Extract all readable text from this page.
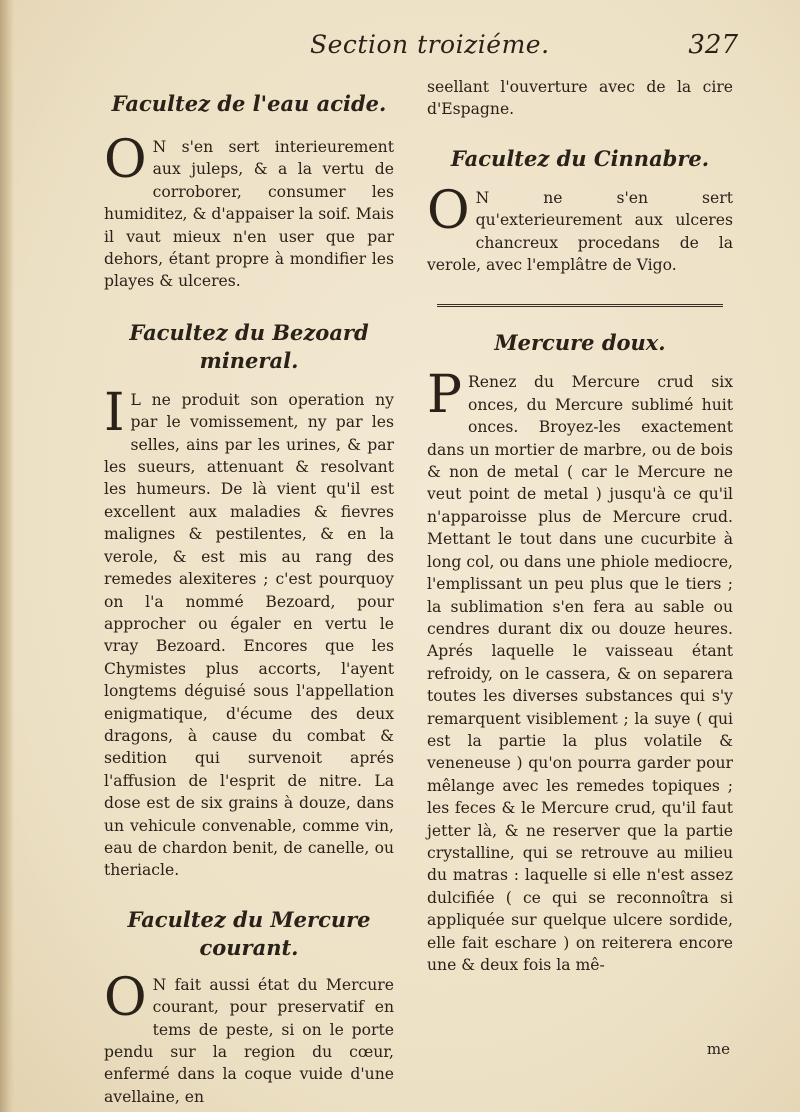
Section troiziéme.	327
Facultez de l'eau acide.

O N s'en sert interieurement aux juleps, & a la vertu de corroborer, consumer les humiditez, & d'appaiser la soif. Mais il vaut mieux n'en user que par dehors, étant propre à mondifier les playes & ulceres.

Facultez du Bezoard mineral.

I L ne produit son operation ny par le vomissement, ny par les selles, ains par les urines, & par les sueurs, attenuant & resolvant les humeurs. De là vient qu'il est excellent aux maladies & fievres malignes & pestilentes, & en la verole, & est mis au rang des remedes alexiteres ; c'est pourquoy on l'a nommé Bezoard, pour approcher ou égaler en vertu le vray Bezoard. Encores que les Chymistes plus accorts, l'ayent longtems déguisé sous l'appellation enigmatique, d'écume des deux dragons, à cause du combat & sedition qui survenoit aprés l'affusion de l'esprit de nitre. La dose est de six grains à douze, dans un vehicule convenable, comme vin, eau de chardon benit, de canelle, ou theriacle.

Facultez du Mercure courant.

O N fait aussi état du Mercure courant, pour preservatif en tems de peste, si on le porte pendu sur la region du cœur, enfermé dans la coque vuide d'une avellaine, en

seellant l'ouverture avec de la cire d'Espagne.

Facultez du Cinnabre.

O N ne s'en sert qu'exterieurement aux ulceres chancreux procedans de la verole, avec l'emplâtre de Vigo.

Mercure doux.

P Renez du Mercure crud six onces, du Mercure sublimé huit onces. Broyez-les exactement dans un mortier de marbre, ou de bois & non de metal ( car le Mercure ne veut point de metal ) jusqu'à ce qu'il n'apparoisse plus de Mercure crud. Mettant le tout dans une cucurbite à long col, ou dans une phiole mediocre, l'emplissant un peu plus que le tiers ; la sublimation s'en fera au sable ou cendres durant dix ou douze heures. Aprés laquelle le vaisseau étant refroidy, on le cassera, & on separera toutes les diverses substances qui s'y remarquent visiblement ; la suye ( qui est la partie la plus volatile & veneneuse ) qu'on pourra garder pour mêlange avec les remedes topiques ; les feces & le Mercure crud, qu'il faut jetter là, & ne reserver que la partie crystalline, qui se retrouve au milieu du matras : laquelle si elle n'est assez dulcifiée ( ce qui se reconnoîtra si appliquée sur quelque ulcere sordide, elle fait eschare ) on reiterera encore une & deux fois la mê-

me
